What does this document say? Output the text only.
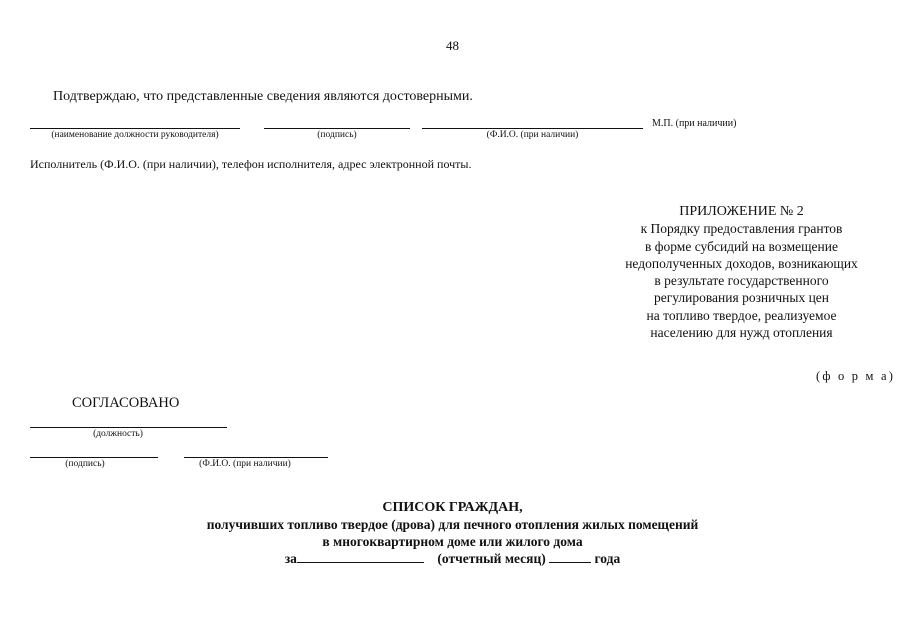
48
Подтверждаю, что представленные сведения являются достоверными.
(наименование должности руководителя)	(подпись)	(Ф.И.О. (при наличии)
М.П. (при наличии)
Исполнитель (Ф.И.О. (при наличии), телефон исполнителя, адрес электронной почты.
ПРИЛОЖЕНИЕ № 2
к Порядку предоставления грантов
в форме субсидий на возмещение
недополученных доходов, возникающих
в результате государственного
регулирования розничных цен
на топливо твердое, реализуемое
населению для нужд отопления
(ф о р м а)
СОГЛАСОВАНО
(должность)
(подпись)	(Ф.И.О. (при наличии)
СПИСОК ГРАЖДАН,
получивших топливо твердое (дрова) для печного отопления жилых помещений
в многоквартирном доме или жилого дома
за	(отчетный месяц)	года
